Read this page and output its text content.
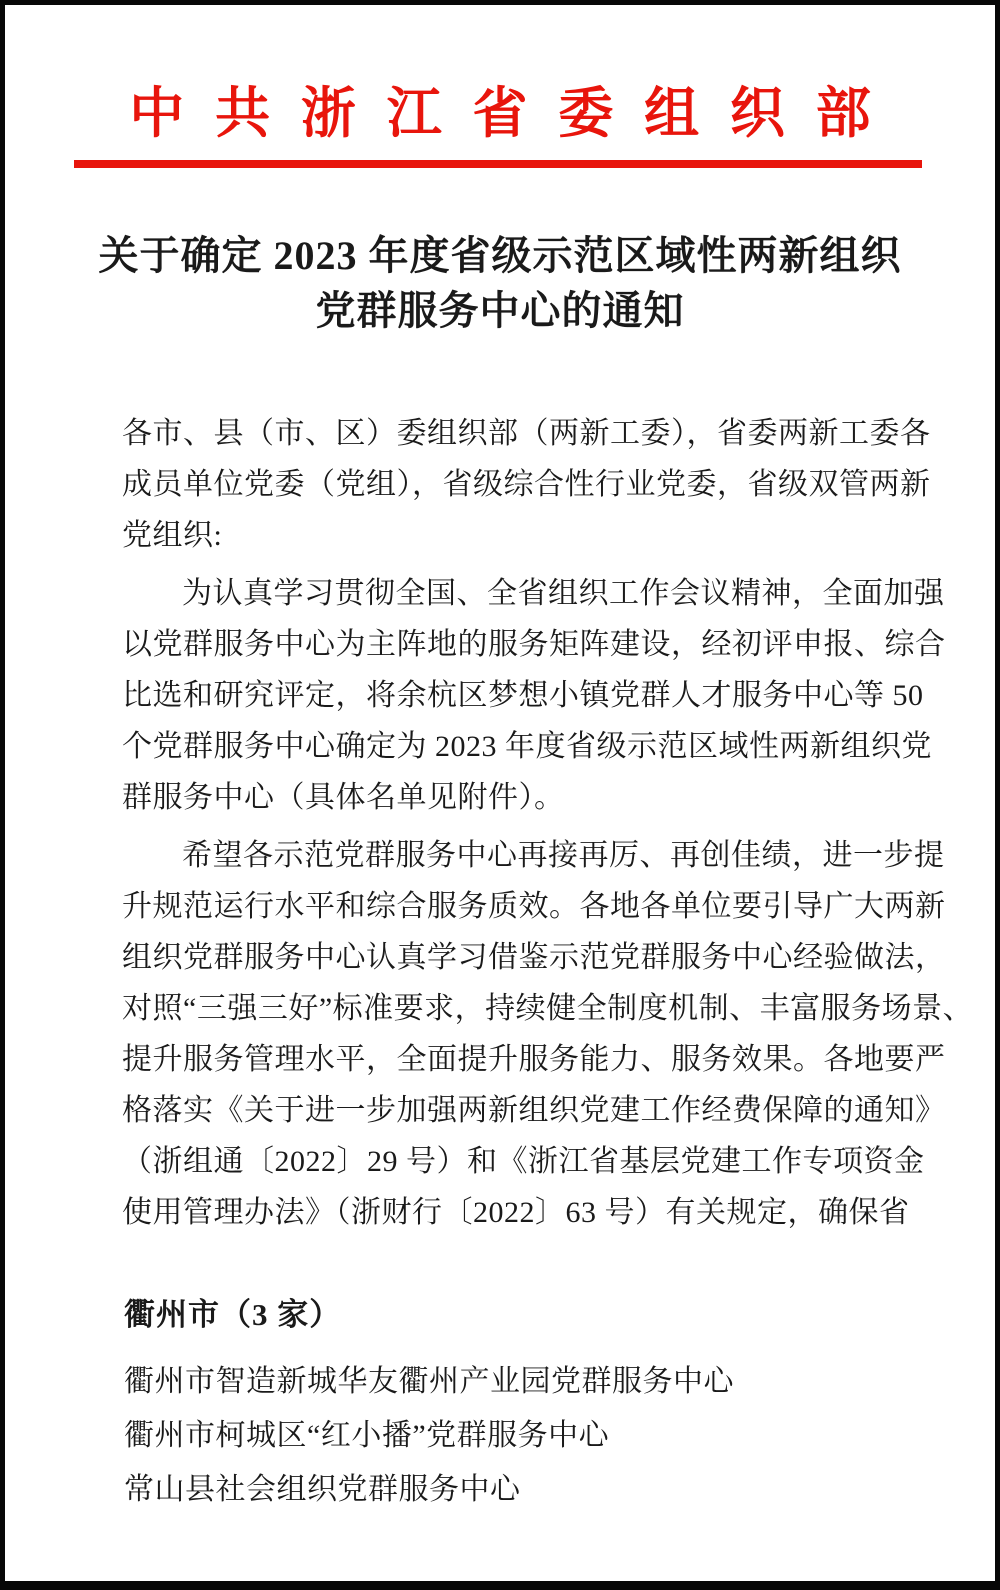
中共浙江省委组织部
关于确定 2023 年度省级示范区域性两新组织
党群服务中心的通知
各市、县（市、区）委组织部（两新工委），省委两新工委各
成员单位党委（党组），省级综合性行业党委，省级双管两新
党组织:
为认真学习贯彻全国、全省组织工作会议精神，全面加强
以党群服务中心为主阵地的服务矩阵建设，经初评申报、综合
比选和研究评定，将余杭区梦想小镇党群人才服务中心等 50
个党群服务中心确定为 2023 年度省级示范区域性两新组织党
群服务中心（具体名单见附件）。
希望各示范党群服务中心再接再厉、再创佳绩，进一步提
升规范运行水平和综合服务质效。各地各单位要引导广大两新
组织党群服务中心认真学习借鉴示范党群服务中心经验做法，
对照“三强三好”标准要求，持续健全制度机制、丰富服务场景、
提升服务管理水平，全面提升服务能力、服务效果。各地要严
格落实《关于进一步加强两新组织党建工作经费保障的通知》
（浙组通〔2022〕29 号）和《浙江省基层党建工作专项资金
使用管理办法》（浙财行〔2022〕63 号）有关规定，确保省
衢州市（3 家）
衢州市智造新城华友衢州产业园党群服务中心
衢州市柯城区“红小播”党群服务中心
常山县社会组织党群服务中心
